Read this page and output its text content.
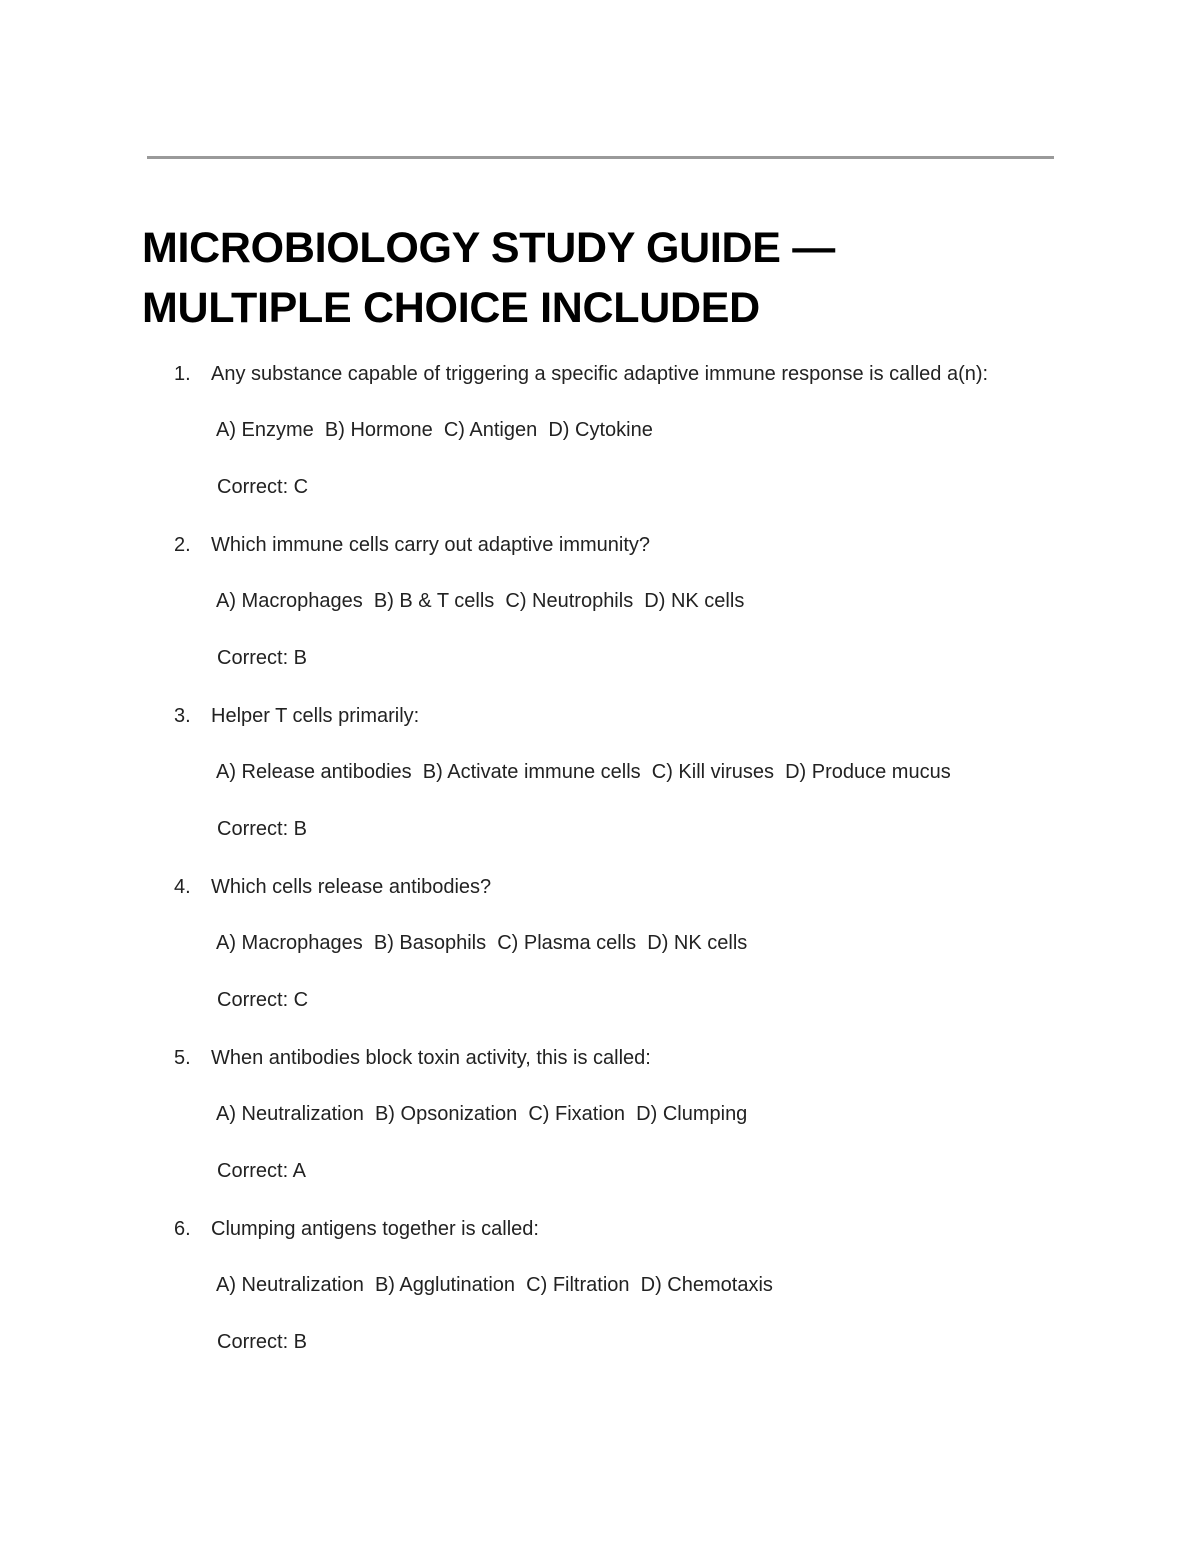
MICROBIOLOGY STUDY GUIDE —
MULTIPLE CHOICE INCLUDED
1.	Any substance capable of triggering a specific adaptive immune response is called a(n):
A) Enzyme  B) Hormone  C) Antigen  D) Cytokine
Correct: C
2.	Which immune cells carry out adaptive immunity?
A) Macrophages  B) B & T cells  C) Neutrophils  D) NK cells
Correct: B
3.	Helper T cells primarily:
A) Release antibodies  B) Activate immune cells  C) Kill viruses  D) Produce mucus
Correct: B
4.	Which cells release antibodies?
A) Macrophages  B) Basophils  C) Plasma cells  D) NK cells
Correct: C
5.	When antibodies block toxin activity, this is called:
A) Neutralization  B) Opsonization  C) Fixation  D) Clumping
Correct: A
6.	Clumping antigens together is called:
A) Neutralization  B) Agglutination  C) Filtration  D) Chemotaxis
Correct: B
